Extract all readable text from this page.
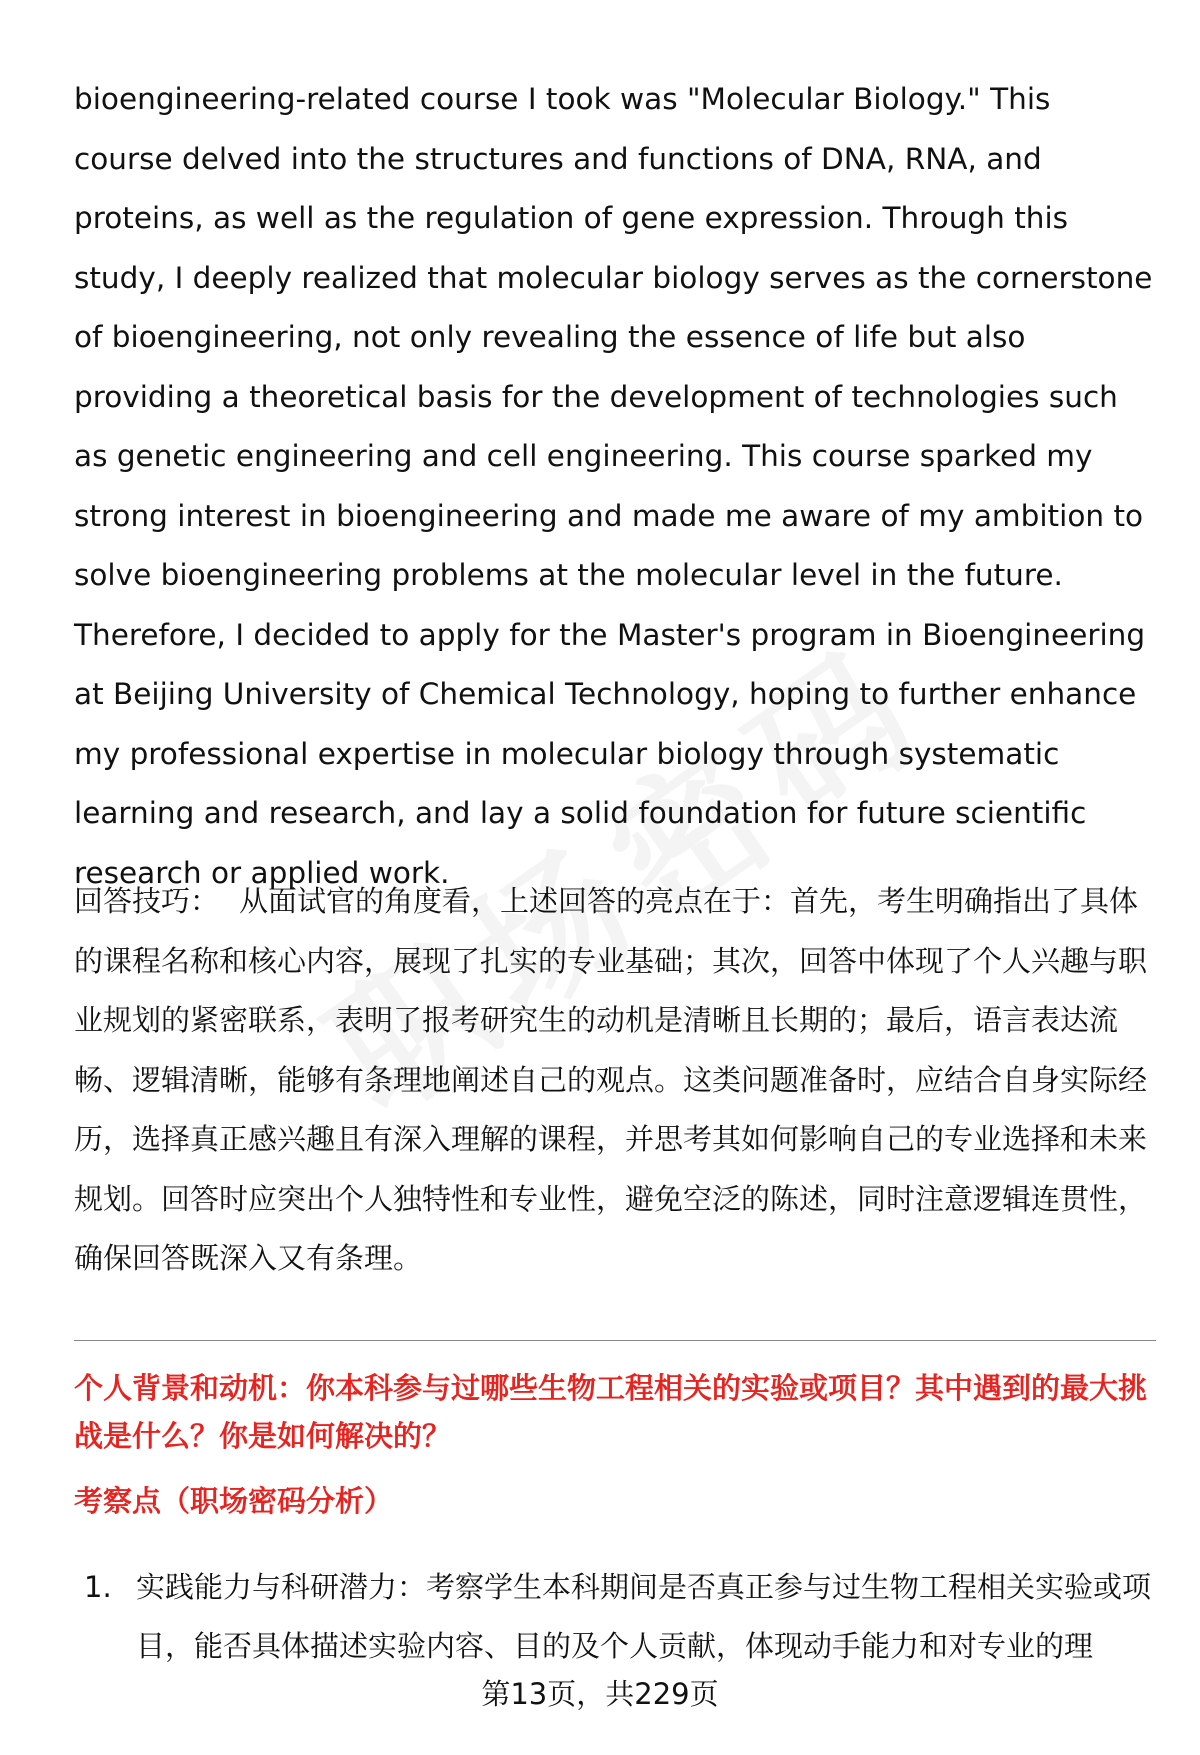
bioengineering-related course I took was "Molecular Biology." This course delved into the structures and functions of DNA, RNA, and proteins, as well as the regulation of gene expression. Through this study, I deeply realized that molecular biology serves as the cornerstone of bioengineering, not only revealing the essence of life but also providing a theoretical basis for the development of technologies such as genetic engineering and cell engineering. This course sparked my strong interest in bioengineering and made me aware of my ambition to solve bioengineering problems at the molecular level in the future. Therefore, I decided to apply for the Master's program in Bioengineering at Beijing University of Chemical Technology, hoping to further enhance my professional expertise in molecular biology through systematic learning and research, and lay a solid foundation for future scientific research or applied work.

回答技巧： 从面试官的角度看，上述回答的亮点在于：首先，考生明确指出了具体的课程名称和核心内容，展现了扎实的专业基础；其次，回答中体现了个人兴趣与职业规划的紧密联系，表明了报考研究生的动机是清晰且长期的；最后，语言表达流畅、逻辑清晰，能够有条理地阐述自己的观点。这类问题准备时，应结合自身实际经历，选择真正感兴趣且有深入理解的课程，并思考其如何影响自己的专业选择和未来规划。回答时应突出个人独特性和专业性，避免空泛的陈述，同时注意逻辑连贯性，确保回答既深入又有条理。

个人背景和动机：你本科参与过哪些生物工程相关的实验或项目？其中遇到的最大挑战是什么？你是如何解决的？

考察点（职场密码分析）

1. 实践能力与科研潜力：考察学生本科期间是否真正参与过生物工程相关实验或项目，能否具体描述实验内容、目的及个人贡献，体现动手能力和对专业的理

第13页，共229页
